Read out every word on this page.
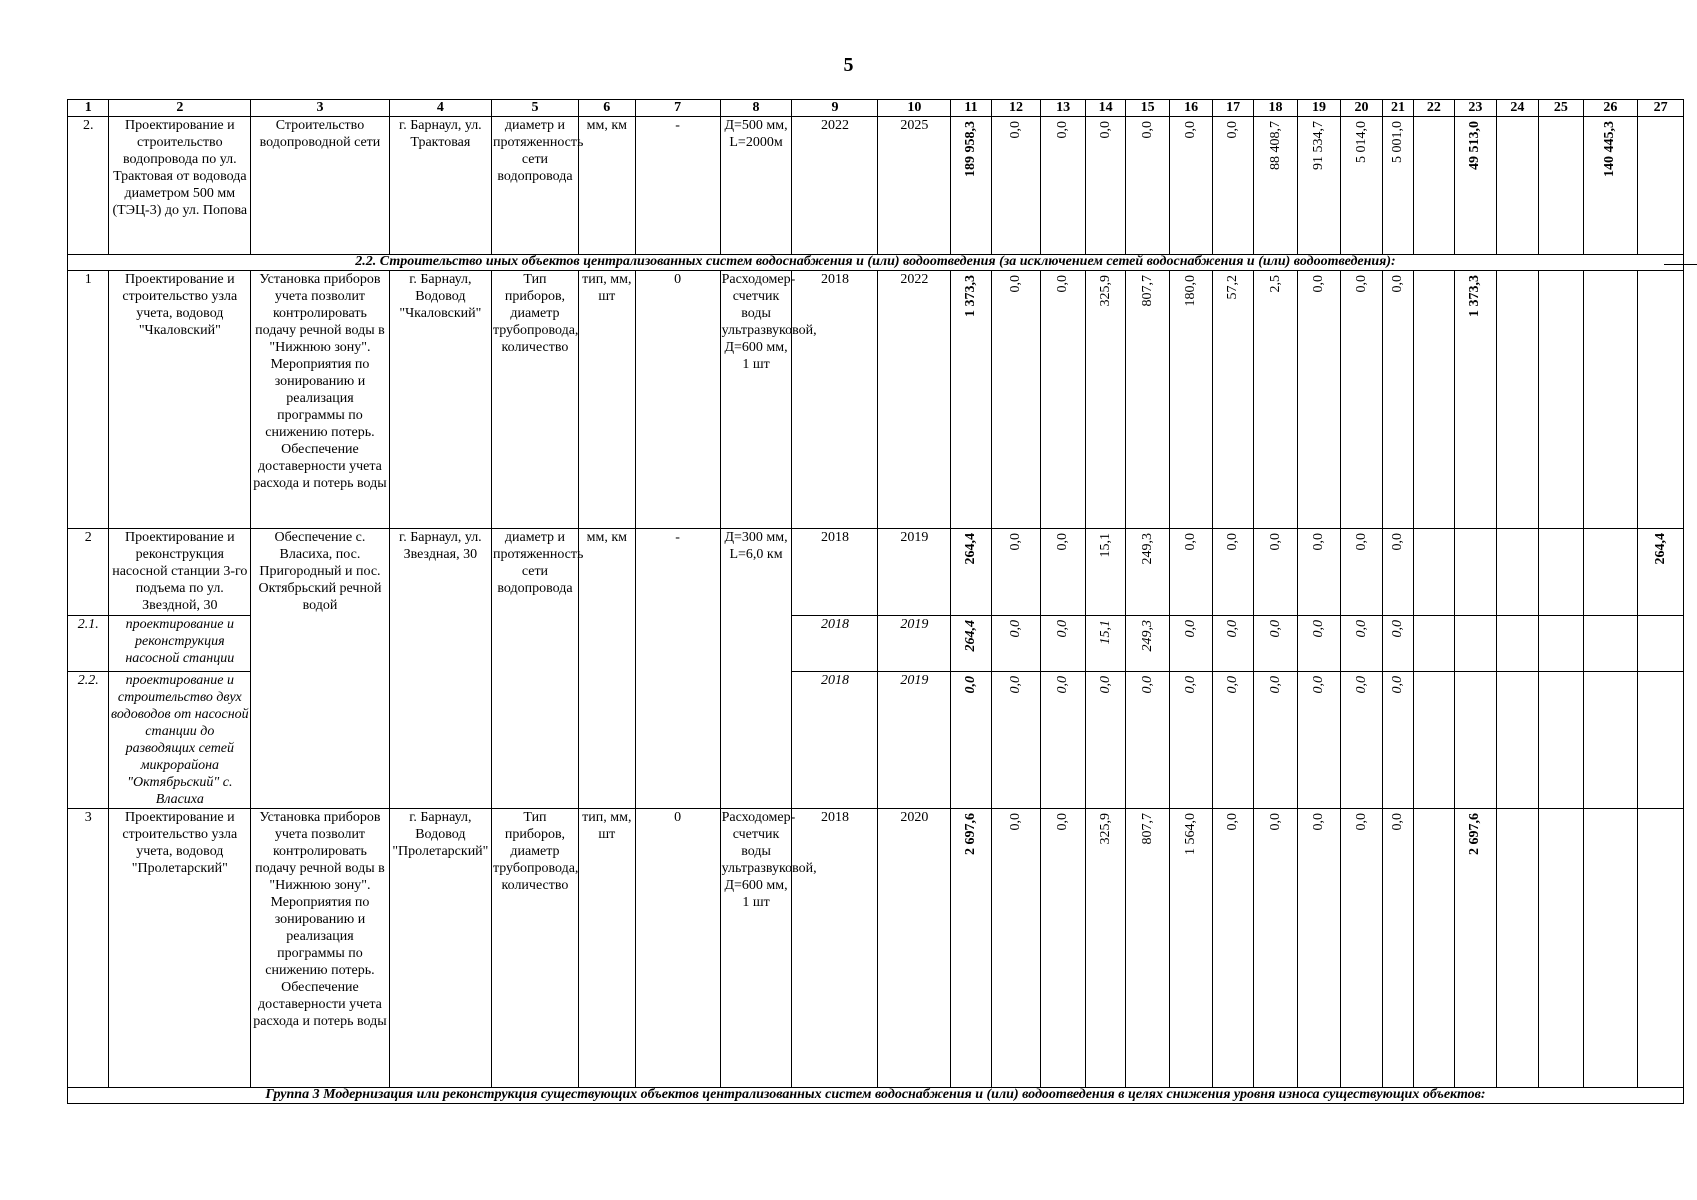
5
1	2	3	4	5	6	7	8	9	10	11	12	13	14	15	16	17	18	19	20	21	22	23	24	25	26	27
2.	Проектирование и строительство водопровода по ул. Трактовая от водовода диаметром 500 мм (ТЭЦ-3) до ул. Попова	Строительство водопроводной сети	г. Барнаул, ул. Трактовая	диаметр и протяженность сети водопровода	мм, км	-	Д=500 мм, L=2000м	2022	2025	189 958,3	0,0	0,0	0,0	0,0	0,0	0,0	88 408,7	91 534,7	5 014,0	5 001,0		49 513,0			140 445,3	
2.2. Строительство иных объектов централизованных систем водоснабжения и (или) водоотведения (за исключением сетей водоснабжения и (или) водоотведения):																										
1	Проектирование и строительство узла учета, водовод "Чкаловский"	Установка приборов учета позволит контролировать подачу речной воды в "Нижнюю зону". Мероприятия по зонированию и реализация программы по снижению потерь. Обеспечение доставерности учета расхода и потерь воды	г. Барнаул, Водовод "Чкаловский"	Тип приборов, диаметр трубопровода, количество	тип, мм, шт	0	Расходомер-счетчик воды ультразвуковой, Д=600 мм, 1 шт	2018	2022	1 373,3	0,0	0,0	325,9	807,7	180,0	57,2	2,5	0,0	0,0	0,0		1 373,3				
2	Проектирование и реконструкция насосной станции 3-го подъема по ул. Звездной, 30	Обеспечение с. Власиха, пос. Пригородный и пос. Октябрьский речной водой	г. Барнаул, ул. Звездная, 30	диаметр и протяженность сети водопровода	мм, км	-	Д=300 мм, L=6,0 км	2018	2019	264,4	0,0	0,0	15,1	249,3	0,0	0,0	0,0	0,0	0,0	0,0						264,4
2.1.	проектирование и реконструкция насосной станции							2018	2019	264,4	0,0	0,0	15,1	249,3	0,0	0,0	0,0	0,0	0,0	0,0						
2.2.	проектирование и строительство двух водоводов от насосной станции до разводящих сетей микрорайона "Октябрьский" с. Власиха							2018	2019	0,0	0,0	0,0	0,0	0,0	0,0	0,0	0,0	0,0	0,0	0,0						
3	Проектирование и строительство узла учета, водовод "Пролетарский"	Установка приборов учета позволит контролировать подачу речной воды в "Нижнюю зону". Мероприятия по зонированию и реализация программы по снижению потерь. Обеспечение доставерности учета расхода и потерь воды	г. Барнаул, Водовод "Пролетарский"	Тип приборов, диаметр трубопровода, количество	тип, мм, шт	0	Расходомер-счетчик воды ультразвуковой, Д=600 мм, 1 шт	2018	2020	2 697,6	0,0	0,0	325,9	807,7	1 564,0	0,0	0,0	0,0	0,0	0,0		2 697,6				
Группа 3 Модернизация или реконструкция существующих объектов централизованных систем водоснабжения и (или) водоотведения в целях снижения уровня износа существующих объектов:																										
